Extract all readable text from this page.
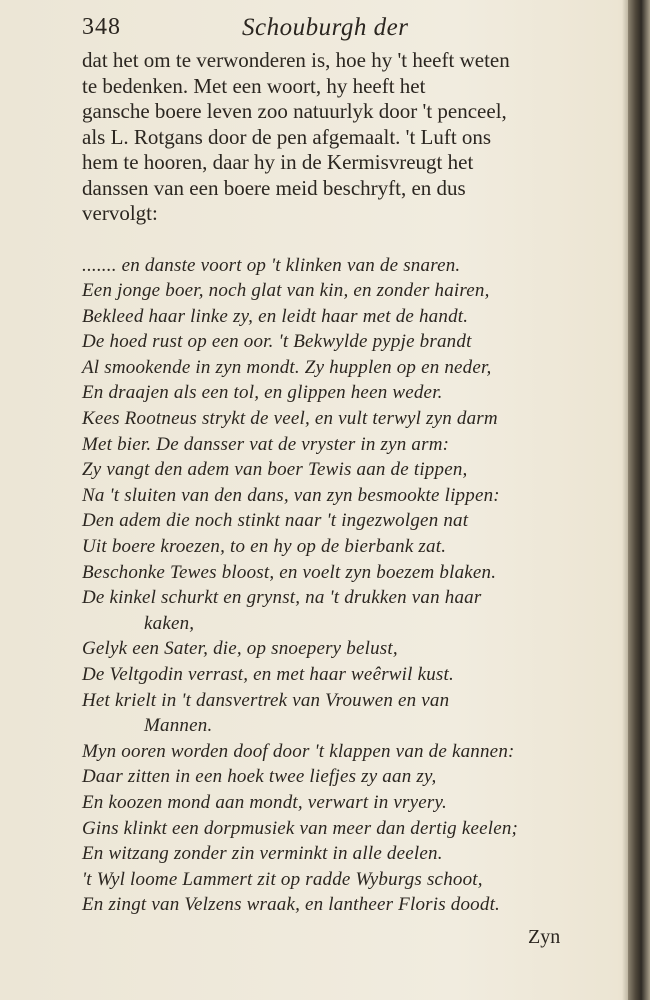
348	Schouburgh der
dat het om te verwonderen is, hoe hy 't heeft weten
te bedenken. Met een woort, hy heeft het
gansche boere leven zoo natuurlyk door 't penceel,
als L. Rotgans door de pen afgemaalt. 't Luft ons
hem te hooren, daar hy in de Kermisvreugt het
danssen van een boere meid beschryft, en dus
vervolgt:
....... en danste voort op 't klinken van de snaren.
Een jonge boer, noch glat van kin, en zonder hairen,
Bekleed haar linke zy, en leidt haar met de handt.
De hoed rust op een oor. 't Bekwylde pypje brandt
Al smookende in zyn mondt. Zy hupplen op en neder,
En draajen als een tol, en glippen heen weder.
Kees Rootneus strykt de veel, en vult terwyl zyn darm
Met bier. De dansser vat de vryster in zyn arm:
Zy vangt den adem van boer Tewis aan de tippen,
Na 't sluiten van den dans, van zyn besmookte lippen:
Den adem die noch stinkt naar 't ingezwolgen nat
Uit boere kroezen, to en hy op de bierbank zat.
Beschonke Tewes bloost, en voelt zyn boezem blaken.
De kinkel schurkt en grynst, na 't drukken van haar
kaken,
Gelyk een Sater, die, op snoepery belust,
De Veltgodin verrast, en met haar weêrwil kust.
Het krielt in 't dansvertrek van Vrouwen en van
Mannen.
Myn ooren worden doof door 't klappen van de kannen:
Daar zitten in een hoek twee liefjes zy aan zy,
En koozen mond aan mondt, verwart in vryery.
Gins klinkt een dorpmusiek van meer dan dertig keelen;
En witzang zonder zin verminkt in alle deelen.
't Wyl loome Lammert zit op radde Wyburgs schoot,
En zingt van Velzens wraak, en lantheer Floris doodt.
Zyn
